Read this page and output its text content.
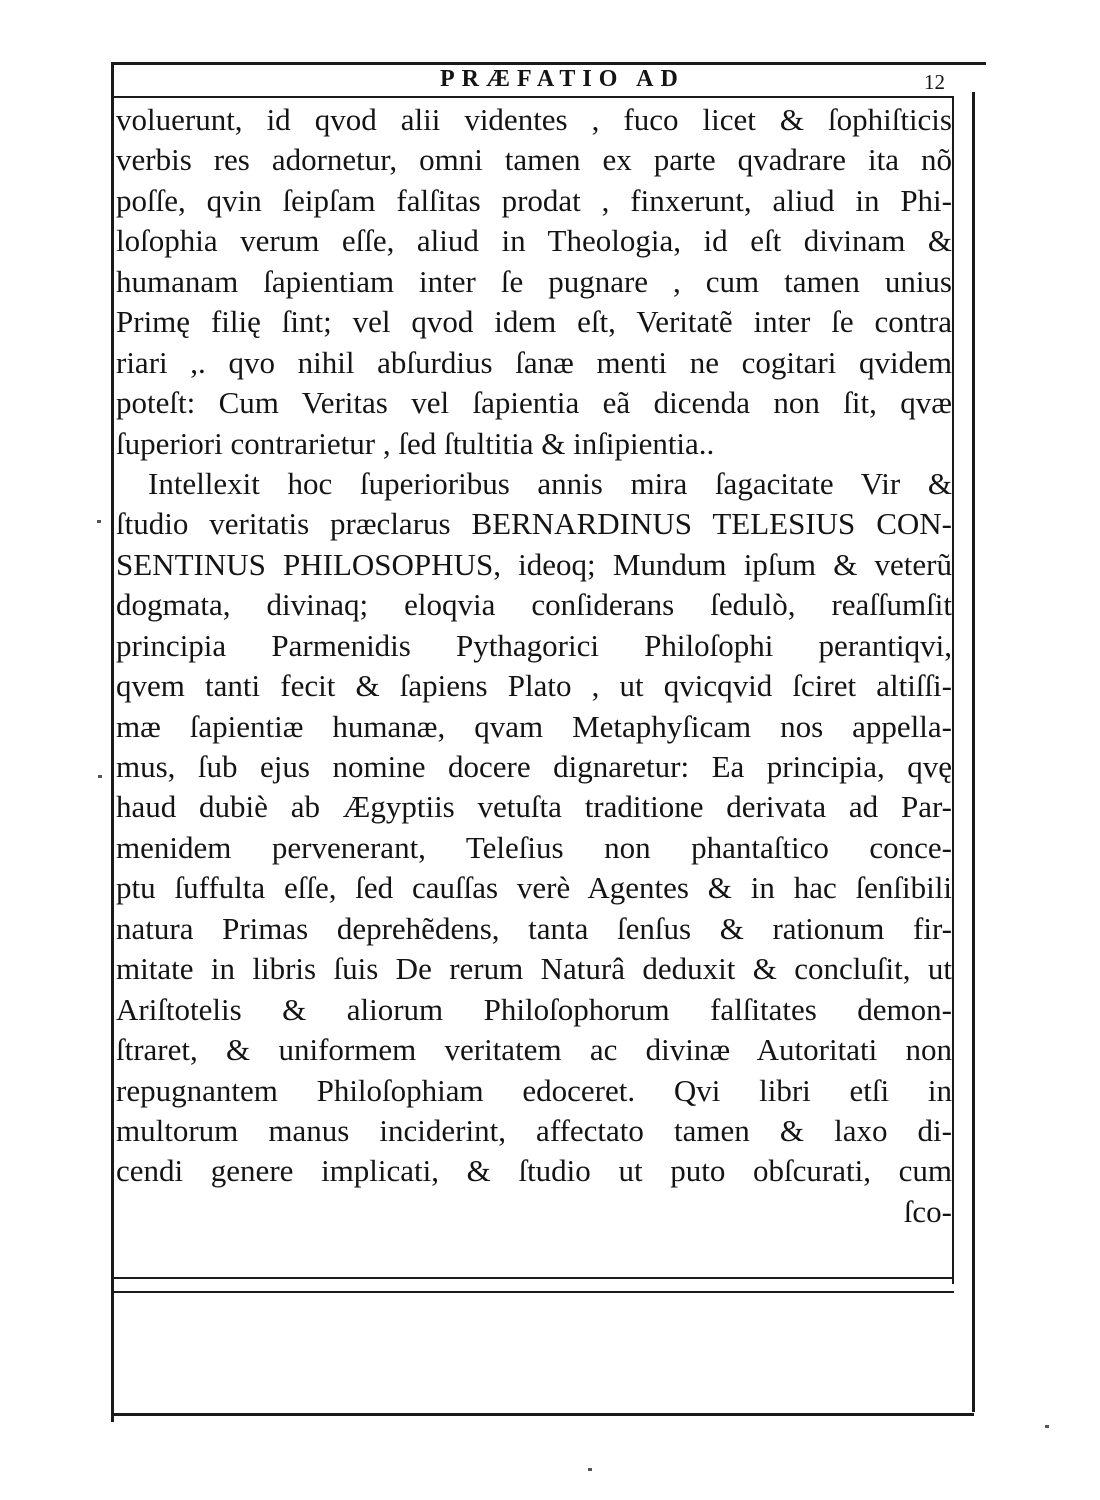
PRÆFATIO AD	12
voluerunt, id qvod alii videntes , fuco licet & ſophiſticis
verbis res adornetur, omni tamen ex parte qvadrare ita nõ
poſſe, qvin ſeipſam falſitas prodat , finxerunt, aliud in Phi-
loſophia verum eſſe, aliud in Theologia, id eſt divinam &
humanam ſapientiam inter ſe pugnare , cum tamen unius
Primę filię ſint; vel qvod idem eſt, Veritatẽ inter ſe contra
riari ,. qvo nihil abſurdius ſanæ menti ne cogitari qvidem
poteſt: Cum Veritas vel ſapientia eã dicenda non ſit, qvæ
ſuperiori contrarietur , ſed ſtultitia & inſipientia..
Intellexit hoc ſuperioribus annis mira ſagacitate Vir &
ſtudio veritatis præclarus BERNARDINUS TELESIUS CON-
SENTINUS PHILOSOPHUS, ideoq; Mundum ipſum & veterũ
dogmata, divinaq; eloqvia conſiderans ſedulò, reaſſumſit
principia Parmenidis Pythagorici Philoſophi perantiqvi,
qvem tanti fecit & ſapiens Plato , ut qvicqvid ſciret altiſſi-
mæ ſapientiæ humanæ, qvam Metaphyſicam nos appella-
mus, ſub ejus nomine docere dignaretur: Ea principia, qvę
haud dubiè ab Ægyptiis vetuſta traditione derivata ad Par-
menidem pervenerant, Teleſius non phantaſtico conce-
ptu ſuffulta eſſe, ſed cauſſas verè Agentes & in hac ſenſibili
natura Primas deprehẽdens, tanta ſenſus & rationum fir-
mitate in libris ſuis De rerum Naturâ deduxit & concluſit, ut
Ariſtotelis & aliorum Philoſophorum falſitates demon-
ſtraret, & uniformem veritatem ac divinæ Autoritati non
repugnantem Philoſophiam edoceret. Qvi libri etſi in
multorum manus inciderint, affectato tamen & laxo di-
cendi genere implicati, & ſtudio ut puto obſcurati, cum
ſco-
